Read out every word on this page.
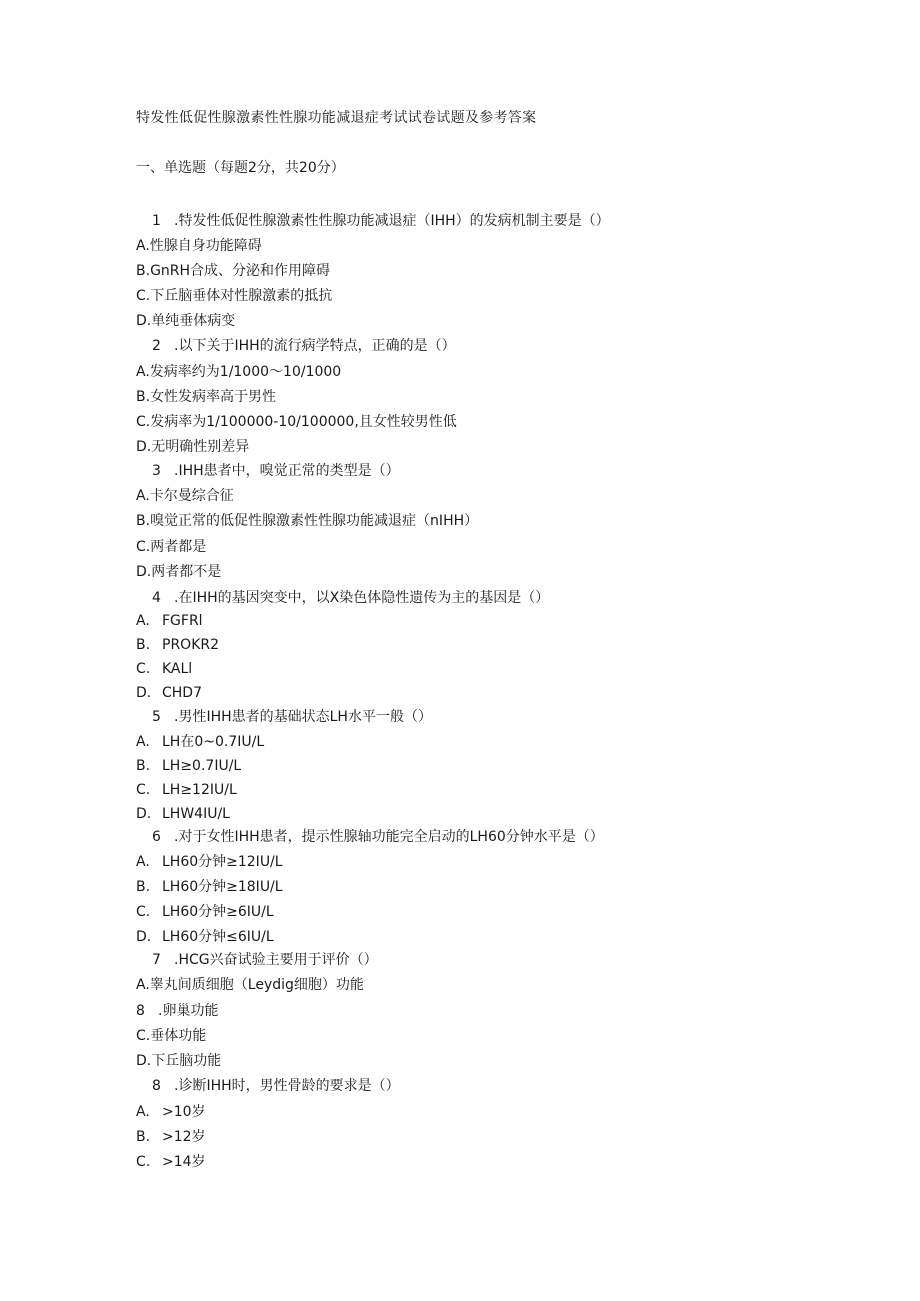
特发性低促性腺激素性性腺功能减退症考试试卷试题及参考答案
一、单选题（每题2分，共20分）
1 .特发性低促性腺激素性性腺功能减退症（IHH）的发病机制主要是（）
A.性腺自身功能障碍
B.GnRH合成、分泌和作用障碍
C.下丘脑垂体对性腺激素的抵抗
D.单纯垂体病变
2 .以下关于IHH的流行病学特点，正确的是（）
A.发病率约为1/1000～10/1000
B.女性发病率高于男性
C.发病率为1/100000-10/100000,且女性较男性低
D.无明确性别差异
3 .IHH患者中，嗅觉正常的类型是（）
A.卡尔曼综合征
B.嗅觉正常的低促性腺激素性性腺功能减退症（nIHH）
C.两者都是
D.两者都不是
4 .在IHH的基因突变中，以X染色体隐性遗传为主的基因是（）
A. FGFRl
B. PROKR2
C. KALl
D. CHD7
5 .男性IHH患者的基础状态LH水平一般（）
A. LH在0~0.7IU∕L
B. LH≥0.7IU/L
C. LH≥12IU/L
D. LHW4IU/L
6 .对于女性IHH患者，提示性腺轴功能完全启动的LH60分钟水平是（）
A. LH60分钟≥12IU/L
B. LH60分钟≥18IU/L
C. LH60分钟≥6IU/L
D. LH60分钟≤6IU/L
7 .HCG兴奋试验主要用于评价（）
A.睾丸间质细胞（Leydig细胞）功能
8 .卵巢功能
C.垂体功能
D.下丘脑功能
8 .诊断IHH时，男性骨龄的要求是（）
A. >10岁
B. >12岁
C. >14岁
